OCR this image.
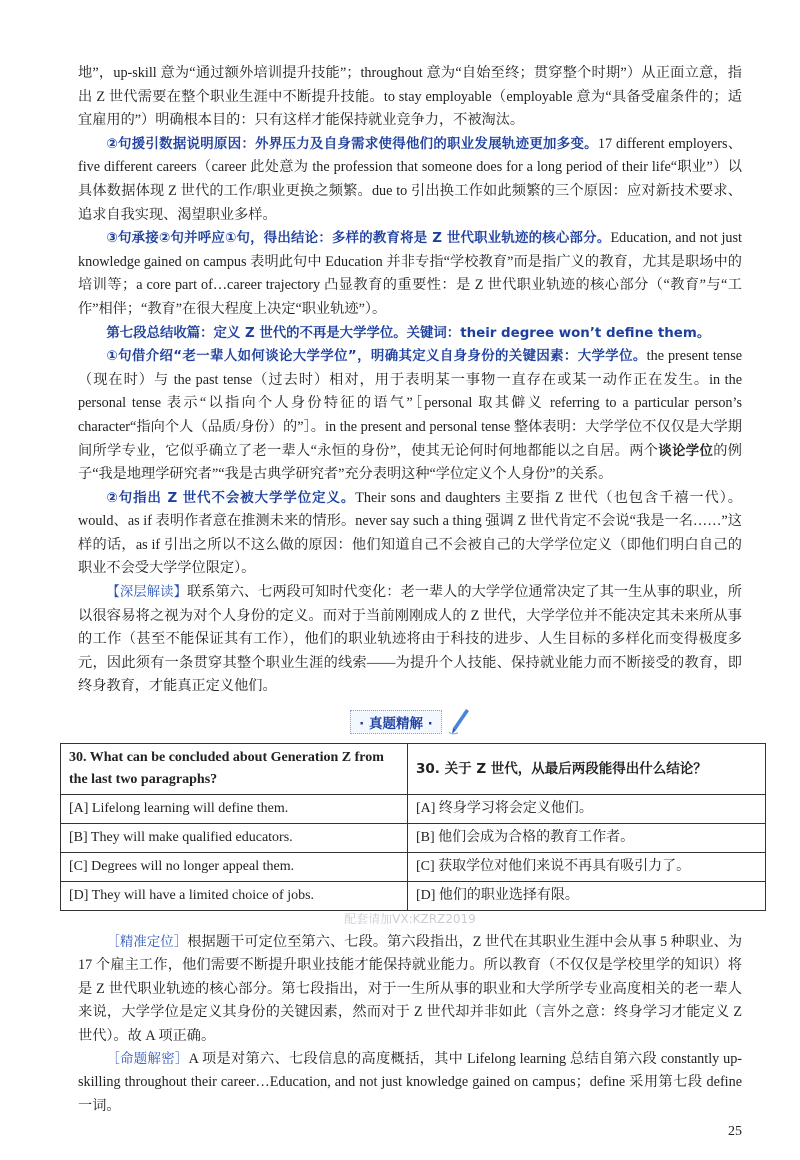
地”，up-skill 意为“通过额外培训提升技能”；throughout 意为“自始至终；贯穿整个时期”）从正面立意，指出 Z 世代需要在整个职业生涯中不断提升技能。to stay employable（employable 意为“具备受雇条件的；适宜雇用的”）明确根本目的：只有这样才能保持就业竞争力，不被淘汰。

②句援引数据说明原因：外界压力及自身需求使得他们的职业发展轨迹更加多变。17 different employers、five different careers（career 此处意为 the profession that someone does for a long period of their life“职业”）以具体数据体现 Z 世代的工作/职业更换之频繁。due to 引出换工作如此频繁的三个原因：应对新技术要求、追求自我实现、渴望职业多样。

③句承接②句并呼应①句，得出结论：多样的教育将是 Z 世代职业轨迹的核心部分。Education, and not just knowledge gained on campus 表明此句中 Education 并非专指“学校教育”而是指广义的教育，尤其是职场中的培训等；a core part of…career trajectory 凸显教育的重要性：是 Z 世代职业轨迹的核心部分（“教育”与“工作”相伴；“教育”在很大程度上决定“职业轨迹”）。

第七段总结收篇：定义 Z 世代的不再是大学学位。关键词：their degree won’t define them。

①句借介绍“老一辈人如何谈论大学学位”，明确其定义自身身份的关键因素：大学学位。the present tense（现在时）与 the past tense（过去时）相对，用于表明某一事物一直存在或某一动作正在发生。in the personal tense 表示“以指向个人身份特征的语气”［personal 取其僻义 referring to a particular person’s character“指向个人（品质/身份）的”］。in the present and personal tense 整体表明：大学学位不仅仅是大学期间所学专业，它似乎确立了老一辈人“永恒的身份”，使其无论何时何地都能以之自居。两个谈论学位的例子“我是地理学研究者”“我是古典学研究者”充分表明这种“学位定义个人身份”的关系。

②句指出 Z 世代不会被大学学位定义。Their sons and daughters 主要指 Z 世代（也包含千禧一代）。would、as if 表明作者意在推测未来的情形。never say such a thing 强调 Z 世代肯定不会说“我是一名……”这样的话，as if 引出之所以不这么做的原因：他们知道自己不会被自己的大学学位定义（即他们明白自己的职业不会受大学学位限定）。

【深层解读】联系第六、七两段可知时代变化：老一辈人的大学学位通常决定了其一生从事的职业，所以很容易将之视为对个人身份的定义。而对于当前刚刚成人的 Z 世代，大学学位并不能决定其未来所从事的工作（甚至不能保证其有工作），他们的职业轨迹将由于科技的进步、人生目标的多样化而变得极度多元，因此须有一条贯穿其整个职业生涯的线索——为提升个人技能、保持就业能力而不断接受的教育，即终身教育，才能真正定义他们。

· 真题精解 ·
30. What can be concluded about Generation Z from the last two paragraphs?	30. 关于 Z 世代，从最后两段能得出什么结论？
[A] Lifelong learning will define them.	[A] 终身学习将会定义他们。
[B] They will make qualified educators.	[B] 他们会成为合格的教育工作者。
[C] Degrees will no longer appeal them.	[C] 获取学位对他们来说不再具有吸引力了。
[D] They will have a limited choice of jobs.	[D] 他们的职业选择有限。
配套请加VX:KZRZ2019

［精准定位］根据题干可定位至第六、七段。第六段指出，Z 世代在其职业生涯中会从事 5 种职业、为 17 个雇主工作，他们需要不断提升职业技能才能保持就业能力。所以教育（不仅仅是学校里学的知识）将是 Z 世代职业轨迹的核心部分。第七段指出，对于一生所从事的职业和大学所学专业高度相关的老一辈人来说，大学学位是定义其身份的关键因素，然而对于 Z 世代却并非如此（言外之意：终身学习才能定义 Z 世代）。故 A 项正确。

［命题解密］A 项是对第六、七段信息的高度概括，其中 Lifelong learning 总结自第六段 constantly up-skilling throughout their career…Education, and not just knowledge gained on campus；define 采用第七段 define 一词。

25
